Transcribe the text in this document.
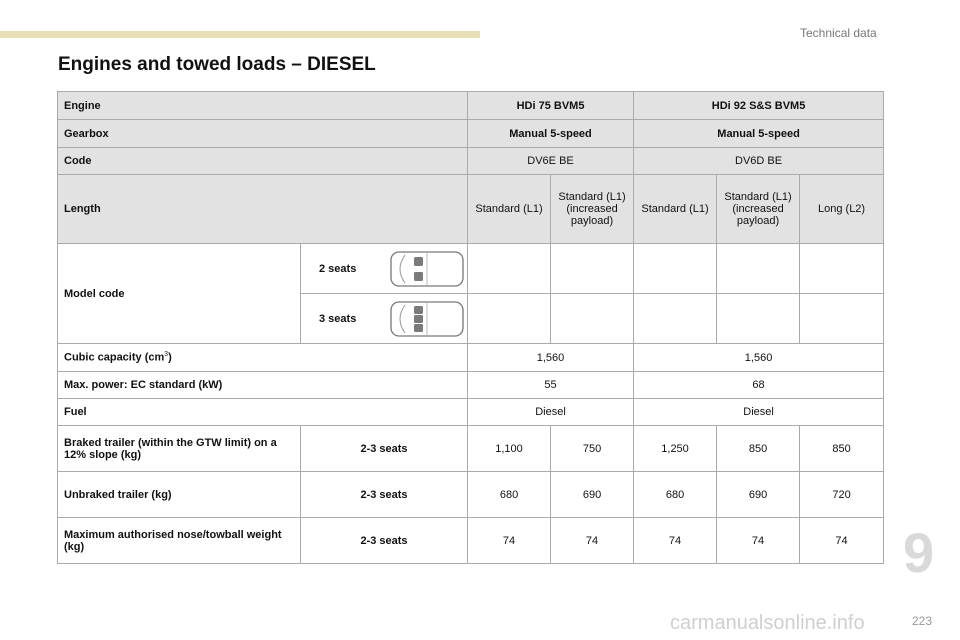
Technical data
Engines and towed loads – DIESEL
Engine		HDi 75 BVM5		HDi 92 S&S BVM5		
Gearbox		Manual 5-speed		Manual 5-speed		
Code		DV6E BE		DV6D BE		
Length		Standard (L1)	Standard (L1) (increased payload)	Standard (L1)	Standard (L1) (increased payload)	Long (L2)
Model code	2 seats					

	3 seats					

Cubic capacity $(cm^3)$		1,560		1,560		
Max. power: EC standard (kW)		55		68		
Fuel		Diesel		Diesel		
Braked trailer (within the GTW limit) on a 12% slope (kg)	2-3 seats	1,100	750	1,250	850	850
Unbraked trailer (kg)	2-3 seats	680	690	680	690	720
Maximum authorised nose/towball weight (kg)	2-3 seats	74	74	74	74	74 9
carmanualsonline.info	223
